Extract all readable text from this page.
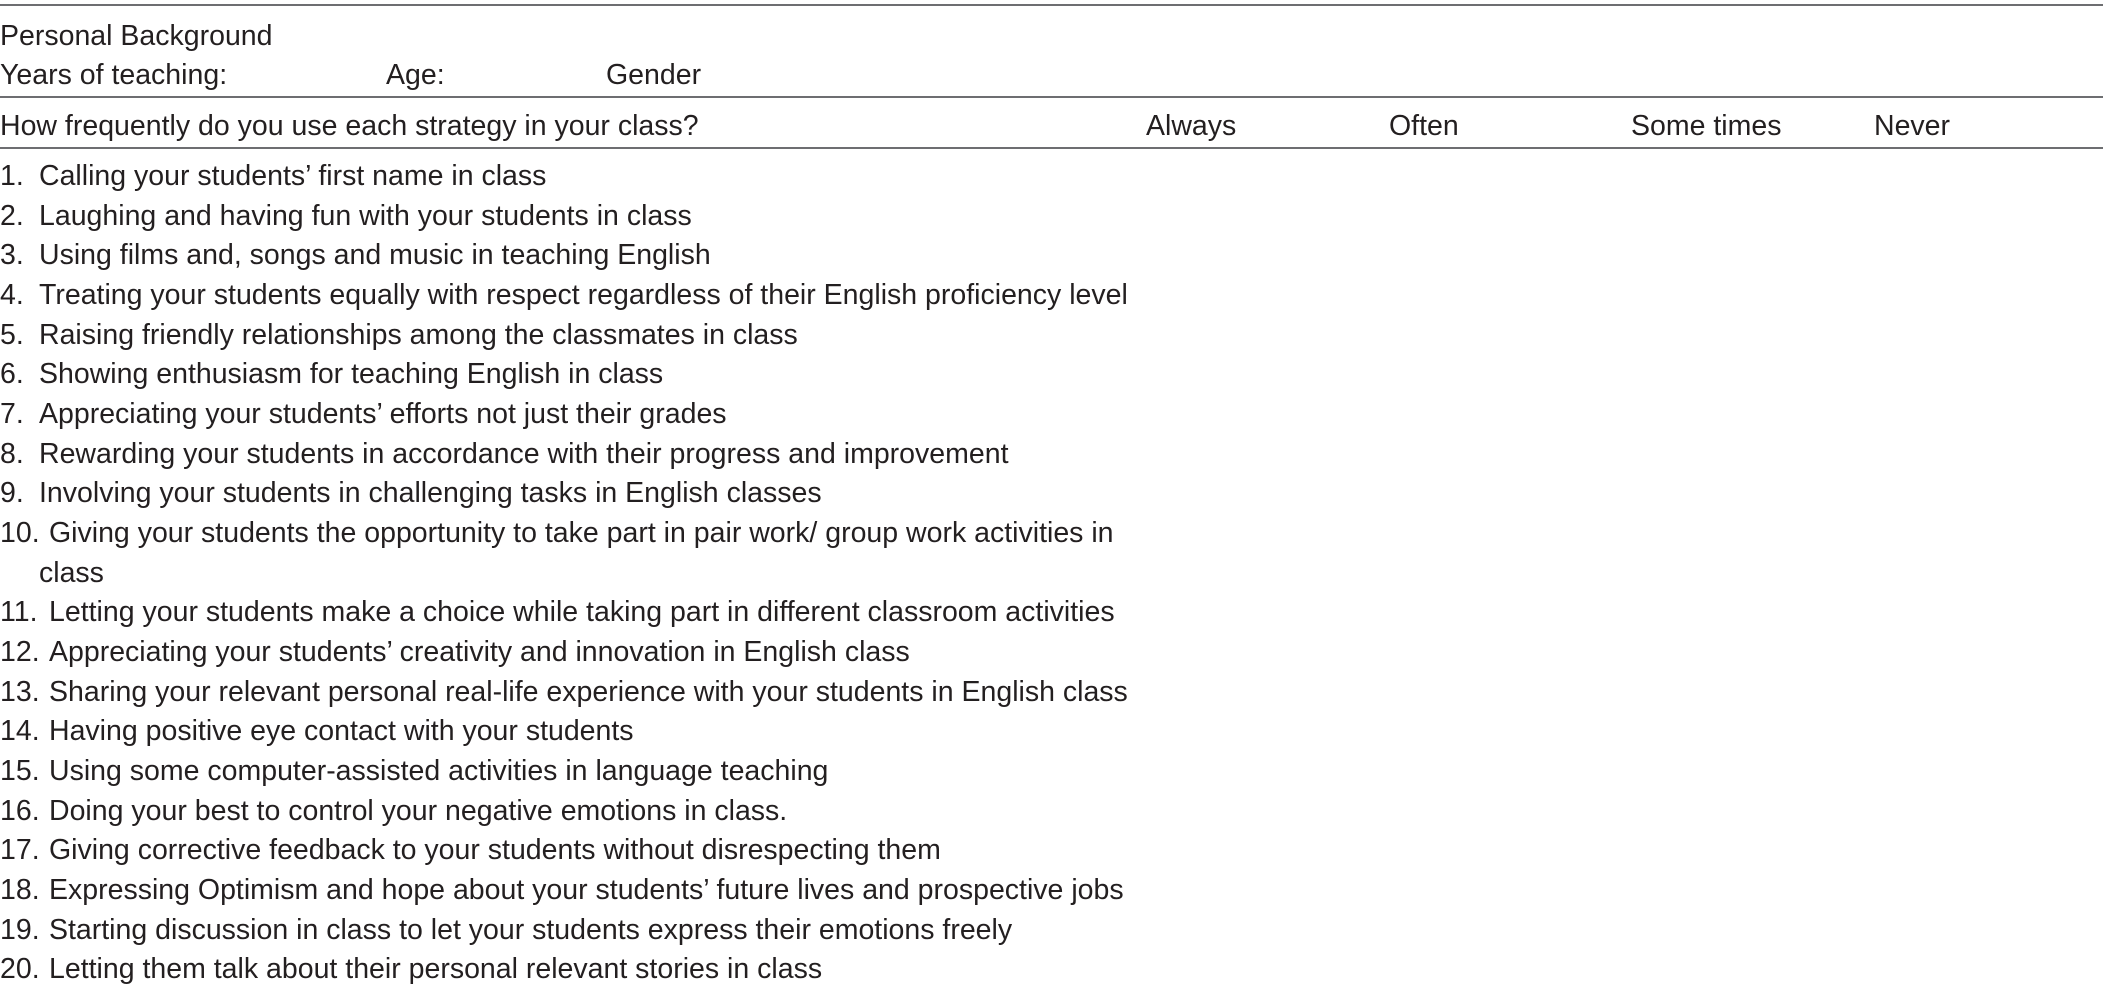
Personal Background
Years of teaching:	Age:	Gender
How frequently do you use each strategy in your class?	Always	Often	Some times	Never
1. Calling your students’ first name in class
2. Laughing and having fun with your students in class
3. Using films and, songs and music in teaching English
4. Treating your students equally with respect regardless of their English proficiency level
5. Raising friendly relationships among the classmates in class
6. Showing enthusiasm for teaching English in class
7. Appreciating your students’ efforts not just their grades
8. Rewarding your students in accordance with their progress and improvement
9. Involving your students in challenging tasks in English classes
10. Giving your students the opportunity to take part in pair work/ group work activities in
class
11. Letting your students make a choice while taking part in different classroom activities
12. Appreciating your students’ creativity and innovation in English class
13. Sharing your relevant personal real-life experience with your students in English class
14. Having positive eye contact with your students
15. Using some computer-assisted activities in language teaching
16. Doing your best to control your negative emotions in class.
17. Giving corrective feedback to your students without disrespecting them
18. Expressing Optimism and hope about your students’ future lives and prospective jobs
19. Starting discussion in class to let your students express their emotions freely
20. Letting them talk about their personal relevant stories in class
